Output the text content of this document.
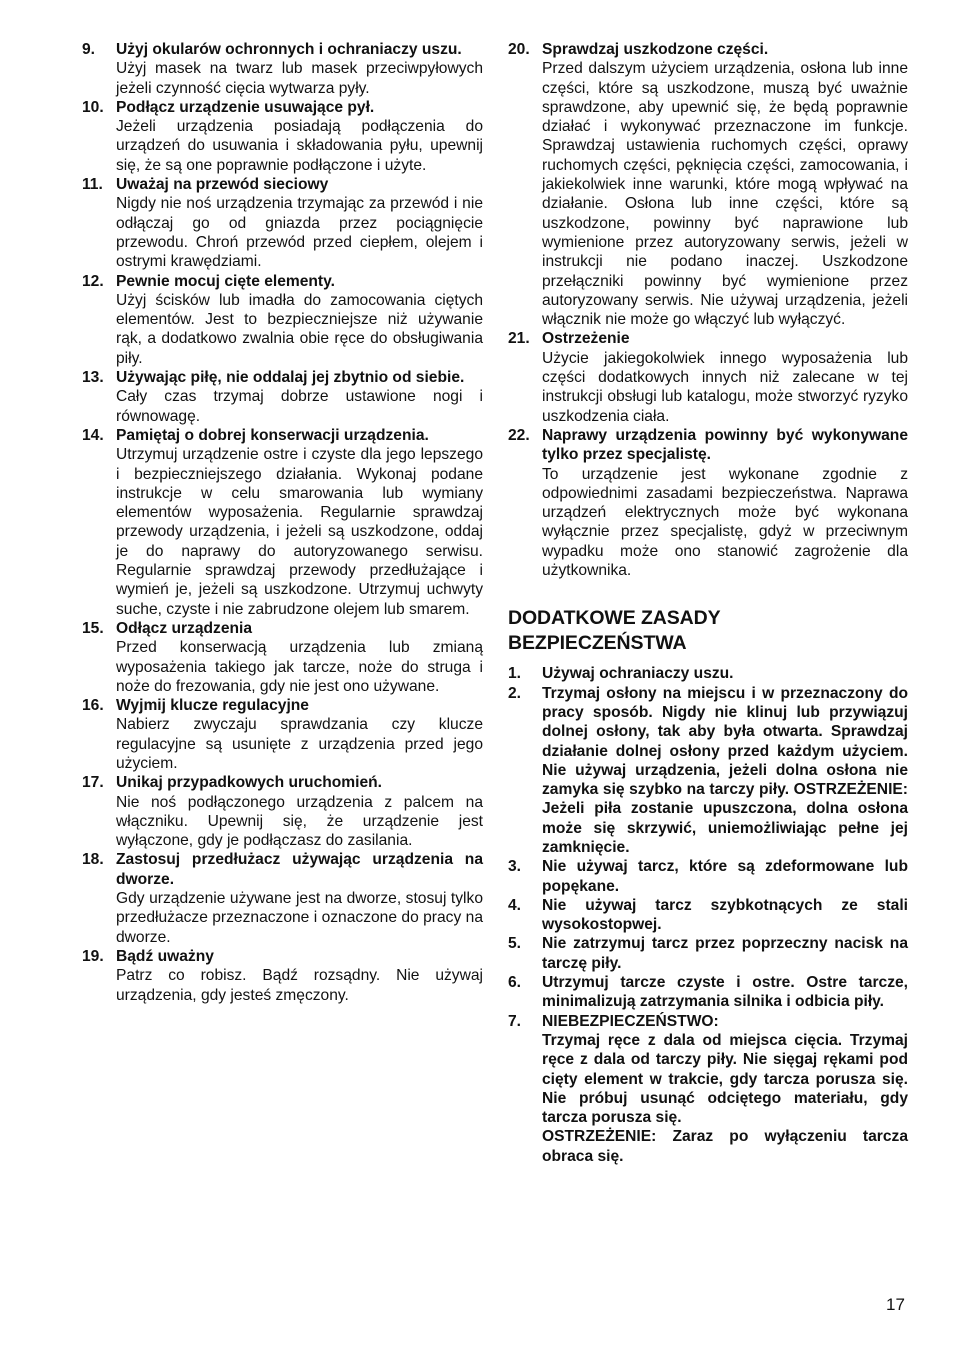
9. Użyj okularów ochronnych i ochraniaczy uszu.
Użyj masek na twarz lub masek przeciwpyłowych jeżeli czynność cięcia wytwarza pyły.
10. Podłącz urządzenie usuwające pył.
Jeżeli urządzenia posiadają podłączenia do urządzeń do usuwania i składowania pyłu, upewnij się, że są one poprawnie podłączone i użyte.
11. Uważaj na przewód sieciowy
Nigdy nie noś urządzenia trzymając za przewód i nie odłączaj go od gniazda przez pociągnięcie przewodu. Chroń przewód przed ciepłem, olejem i ostrymi krawędziami.
12. Pewnie mocuj cięte elementy.
Użyj ścisków lub imadła do zamocowania ciętych elementów. Jest to bezpieczniejsze niż używanie rąk, a dodatkowo zwalnia obie ręce do obsługiwania piły.
13. Używając piłę, nie oddalaj jej zbytnio od siebie.
Cały czas trzymaj dobrze ustawione nogi i równowagę.
14. Pamiętaj o dobrej konserwacji urządzenia.
Utrzymuj urządzenie ostre i czyste dla jego lepszego i bezpieczniejszego działania. Wykonaj podane instrukcje w celu smarowania lub wymiany elementów wyposażenia. Regularnie sprawdzaj przewody urządzenia, i jeżeli są uszkodzone, oddaj je do naprawy do autoryzowanego serwisu. Regularnie sprawdzaj przewody przedłużające i wymień je, jeżeli są uszkodzone. Utrzymuj uchwyty suche, czyste i nie zabrudzone olejem lub smarem.
15. Odłącz urządzenia
Przed konserwacją urządzenia lub zmianą wyposażenia takiego jak tarcze, noże do struga i noże do frezowania, gdy nie jest ono używane.
16. Wyjmij klucze regulacyjne
Nabierz zwyczaju sprawdzania czy klucze regulacyjne są usunięte z urządzenia przed jego użyciem.
17. Unikaj przypadkowych uruchomień.
Nie noś podłączonego urządzenia z palcem na włączniku. Upewnij się, że urządzenie jest wyłączone, gdy je podłączasz do zasilania.
18. Zastosuj przedłużacz używając urządzenia na dworze.
Gdy urządzenie używane jest na dworze, stosuj tylko przedłużacze przeznaczone i oznaczone do pracy na dworze.
19. Bądź uważny
Patrz co robisz. Bądź rozsądny. Nie używaj urządzenia, gdy jesteś zmęczony.
20. Sprawdzaj uszkodzone części.
Przed dalszym użyciem urządzenia, osłona lub inne części, które są uszkodzone, muszą być uważnie sprawdzone, aby upewnić się, że będą poprawnie działać i wykonywać przeznaczone im funkcje. Sprawdzaj ustawienia ruchomych części, oprawy ruchomych części, pęknięcia części, zamocowania, i jakiekolwiek inne warunki, które mogą wpływać na działanie. Osłona lub inne części, które są uszkodzone, powinny być naprawione lub wymienione przez autoryzowany serwis, jeżeli w instrukcji nie podano inaczej. Uszkodzone przełączniki powinny być wymienione przez autoryzowany serwis. Nie używaj urządzenia, jeżeli włącznik nie może go włączyć lub wyłączyć.
21. Ostrzeżenie
Użycie jakiegokolwiek innego wyposażenia lub części dodatkowych innych niż zalecane w tej instrukcji obsługi lub katalogu, może stworzyć ryzyko uszkodzenia ciała.
22. Naprawy urządzenia powinny być wykonywane tylko przez specjalistę.
To urządzenie jest wykonane zgodnie z odpowiednimi zasadami bezpieczeństwa. Naprawa urządzeń elektrycznych może być wykonana wyłącznie przez specjalistę, gdyż w przeciwnym wypadku może ono stanowić zagrożenie dla użytkownika.
DODATKOWE ZASADY
BEZPIECZEŃSTWA
1. Używaj ochraniaczy uszu.
2. Trzymaj osłony na miejscu i w przeznaczony do pracy sposób. Nigdy nie klinuj lub przywiązuj dolnej osłony, tak aby była otwarta. Sprawdzaj działanie dolnej osłony przed każdym użyciem. Nie używaj urządzenia, jeżeli dolna osłona nie zamyka się szybko na tarczy piły. OSTRZEŻENIE: Jeżeli piła zostanie upuszczona, dolna osłona może się skrzywić, uniemożliwiając pełne jej zamknięcie.
3. Nie używaj tarcz, które są zdeformowane lub popękane.
4. Nie używaj tarcz szybkotnących ze stali wysokostopwej.
5. Nie zatrzymuj tarcz przez poprzeczny nacisk na tarczę piły.
6. Utrzymuj tarcze czyste i ostre. Ostre tarcze, minimalizują zatrzymania silnika i odbicia piły.
7. NIEBEZPIECZEŃSTWO:
Trzymaj ręce z dala od miejsca cięcia. Trzymaj ręce z dala od tarczy piły. Nie sięgaj rękami pod cięty element w trakcie, gdy tarcza porusza się. Nie próbuj usunąć odciętego materiału, gdy tarcza porusza się.
OSTRZEŻENIE: Zaraz po wyłączeniu tarcza obraca się.
17
